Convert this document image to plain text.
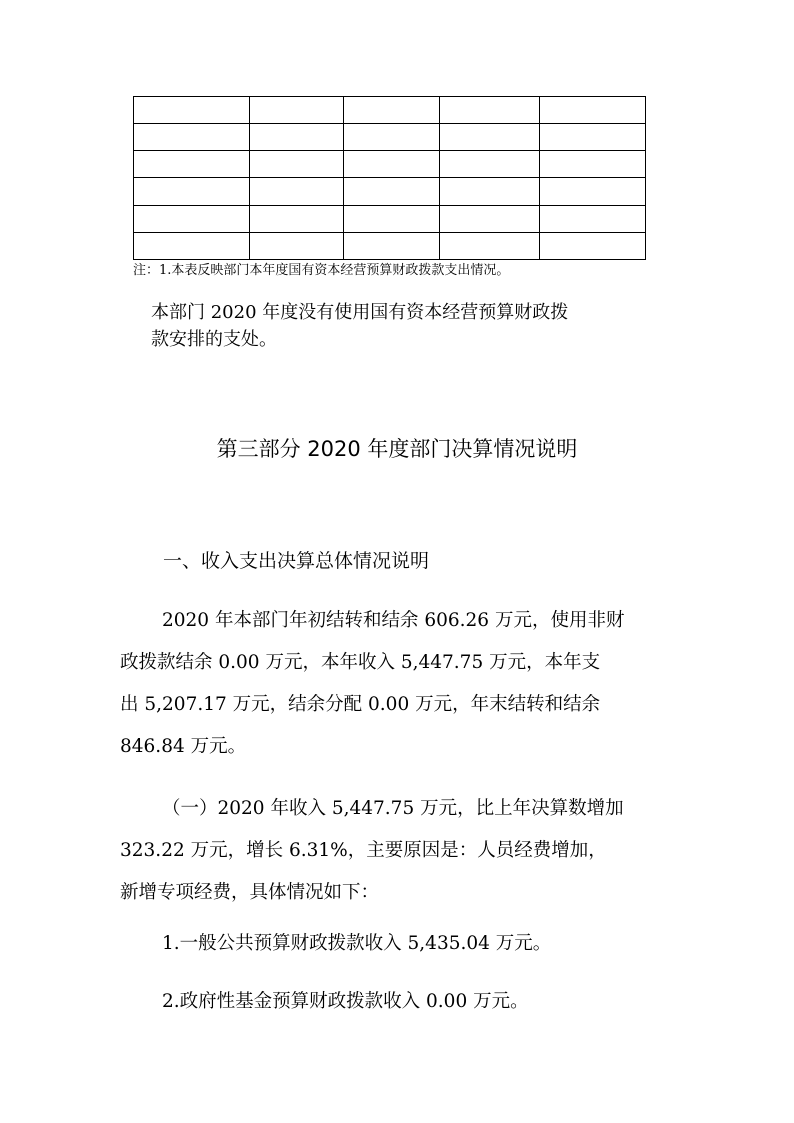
注：1.本表反映部门本年度国有资本经营预算财政拨款支出情况。

本部门 2020 年度没有使用国有资本经营预算财政拨

款安排的支处。

第三部分 2020 年度部门决算情况说明
一、收入支出决算总体情况说明

2020 年本部门年初结转和结余 606.26 万元，使用非财

政拨款结余 0.00 万元，本年收入 5,447.75 万元，本年支

出 5,207.17 万元，结余分配 0.00 万元，年末结转和结余

846.84 万元。

（一）2020 年收入 5,447.75 万元，比上年决算数增加

323.22 万元，增长 6.31%，主要原因是：人员经费增加，

新增专项经费，具体情况如下：

1.一般公共预算财政拨款收入 5,435.04 万元。
2.政府性基金预算财政拨款收入 0.00 万元。
